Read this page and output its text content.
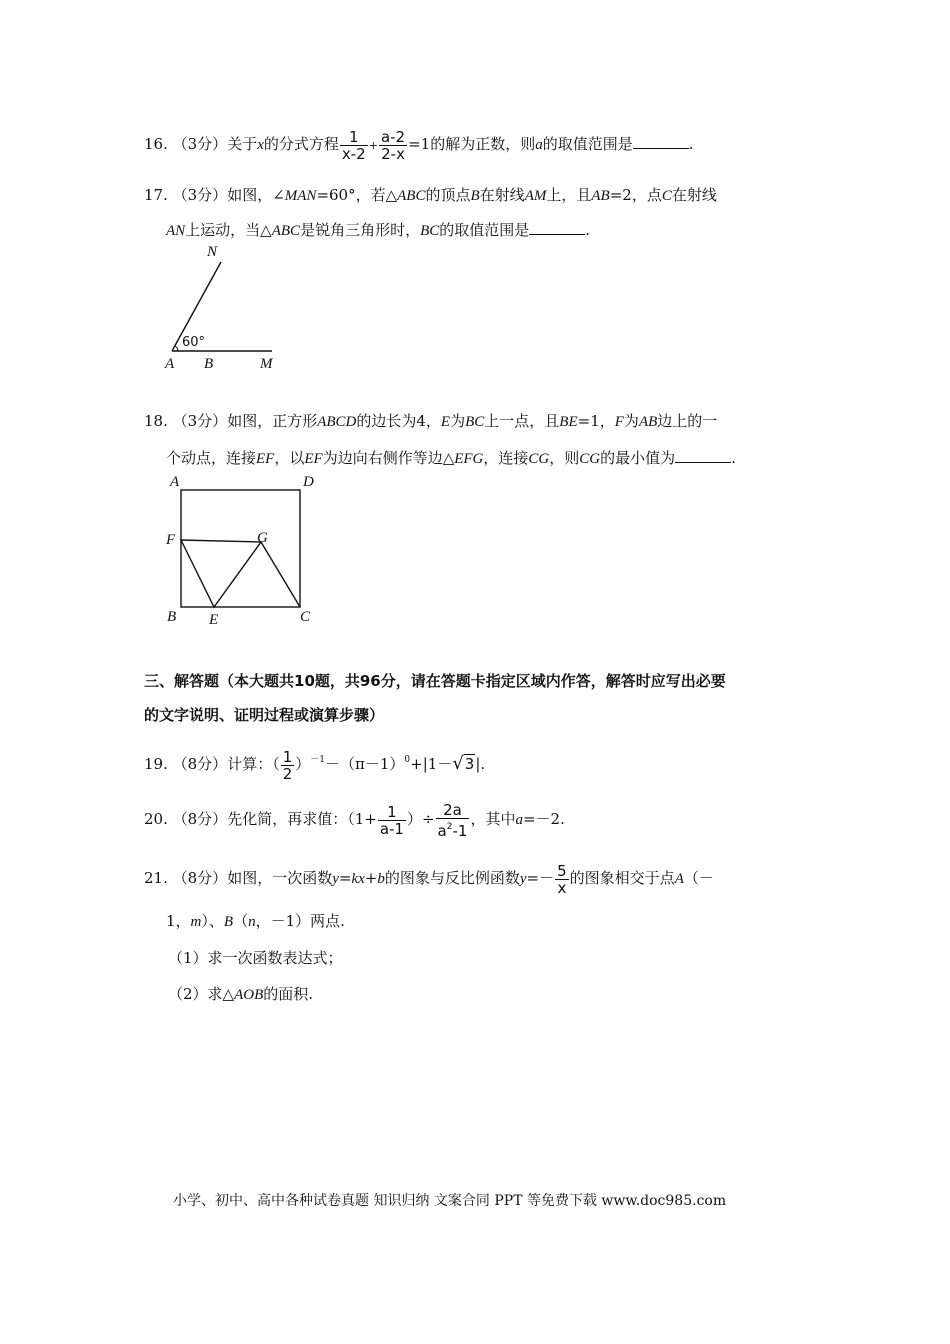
16. （3分）关于x的分式方程 $\frac{1}{x-2} + \frac{a-2}{2-x} =1$的解为正数，则a的取值范围是	.
17. （3分）如图，∠MAN=60°，若△ABC的顶点B在射线AM上，且AB=2，点C在射线
AN上运动，当△ABC是锐角三角形时，BC的取值范围是	.
N
60°
A B	M
18. （3分）如图，正方形ABCD的边长为4，E为BC上一点，且BE=1，F为AB边上的一
个动点，连接EF，以EF为边向右侧作等边△EFG，连接CG，则CG的最小值为	.
A	D
F	G
B E	C
三、解答题（本大题共10题，共96分，请在答题卡指定区域内作答，解答时应写出必要
的文字说明、证明过程或演算步骤）
19. （8分）计算：（ $\frac{1}{2} )^{-1}-(\pi-1)^0+|1-√3|$.
20. （8分）先化简，再求值：（$1+ \frac{1}{a-1}$ ）÷ $\frac{2a}{a^2-1}$ ，其中a=－2.
21. （8分）如图，一次函数y=kx+b的图象与反比例函数$y=- \frac{5}{x}$ 的图象相交于点A（－
1，m）、B（n，－1）两点.
（1）求一次函数表达式；
（2）求△AOB的面积.
小学、初中、高中各种试卷真题 知识归纳 文案合同 PPT 等免费下载 www.doc985.com
